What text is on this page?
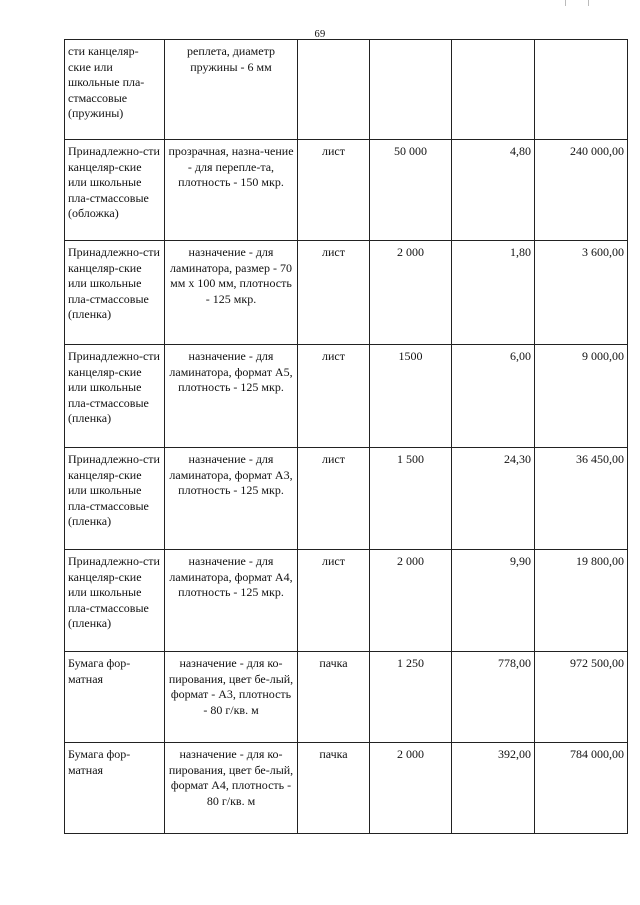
69
сти канцеляр-ские или школьные пла-стмассовые (пружины)	реплета, диаметр пружины - 6 мм				
Принадлежно-сти канцеляр-ские или школьные пла-стмассовые (обложка)	прозрачная, назна-чение - для перепле-та, плотность - 150 мкр.	лист	50 000	4,80	240 000,00
Принадлежно-сти канцеляр-ские или школьные пла-стмассовые (пленка)	назначение - для ламинатора, размер - 70 мм х 100 мм, плотность - 125 мкр.	лист	2 000	1,80	3 600,00
Принадлежно-сти канцеляр-ские или школьные пла-стмассовые (пленка)	назначение - для ламинатора, формат А5, плотность - 125 мкр.	лист	1500	6,00	9 000,00
Принадлежно-сти канцеляр-ские или школьные пла-стмассовые (пленка)	назначение - для ламинатора, формат А3, плотность - 125 мкр.	лист	1 500	24,30	36 450,00
Принадлежно-сти канцеляр-ские или школьные пла-стмассовые (пленка)	назначение - для ламинатора, формат А4, плотность - 125 мкр.	лист	2 000	9,90	19 800,00
Бумага фор-матная	назначение - для ко-пирования, цвет бе-лый, формат - А3, плотность - 80 г/кв. м	пачка	1 250	778,00	972 500,00
Бумага фор-матная	назначение - для ко-пирования, цвет бе-лый, формат А4, плотность - 80 г/кв. м	пачка	2 000	392,00	784 000,00
